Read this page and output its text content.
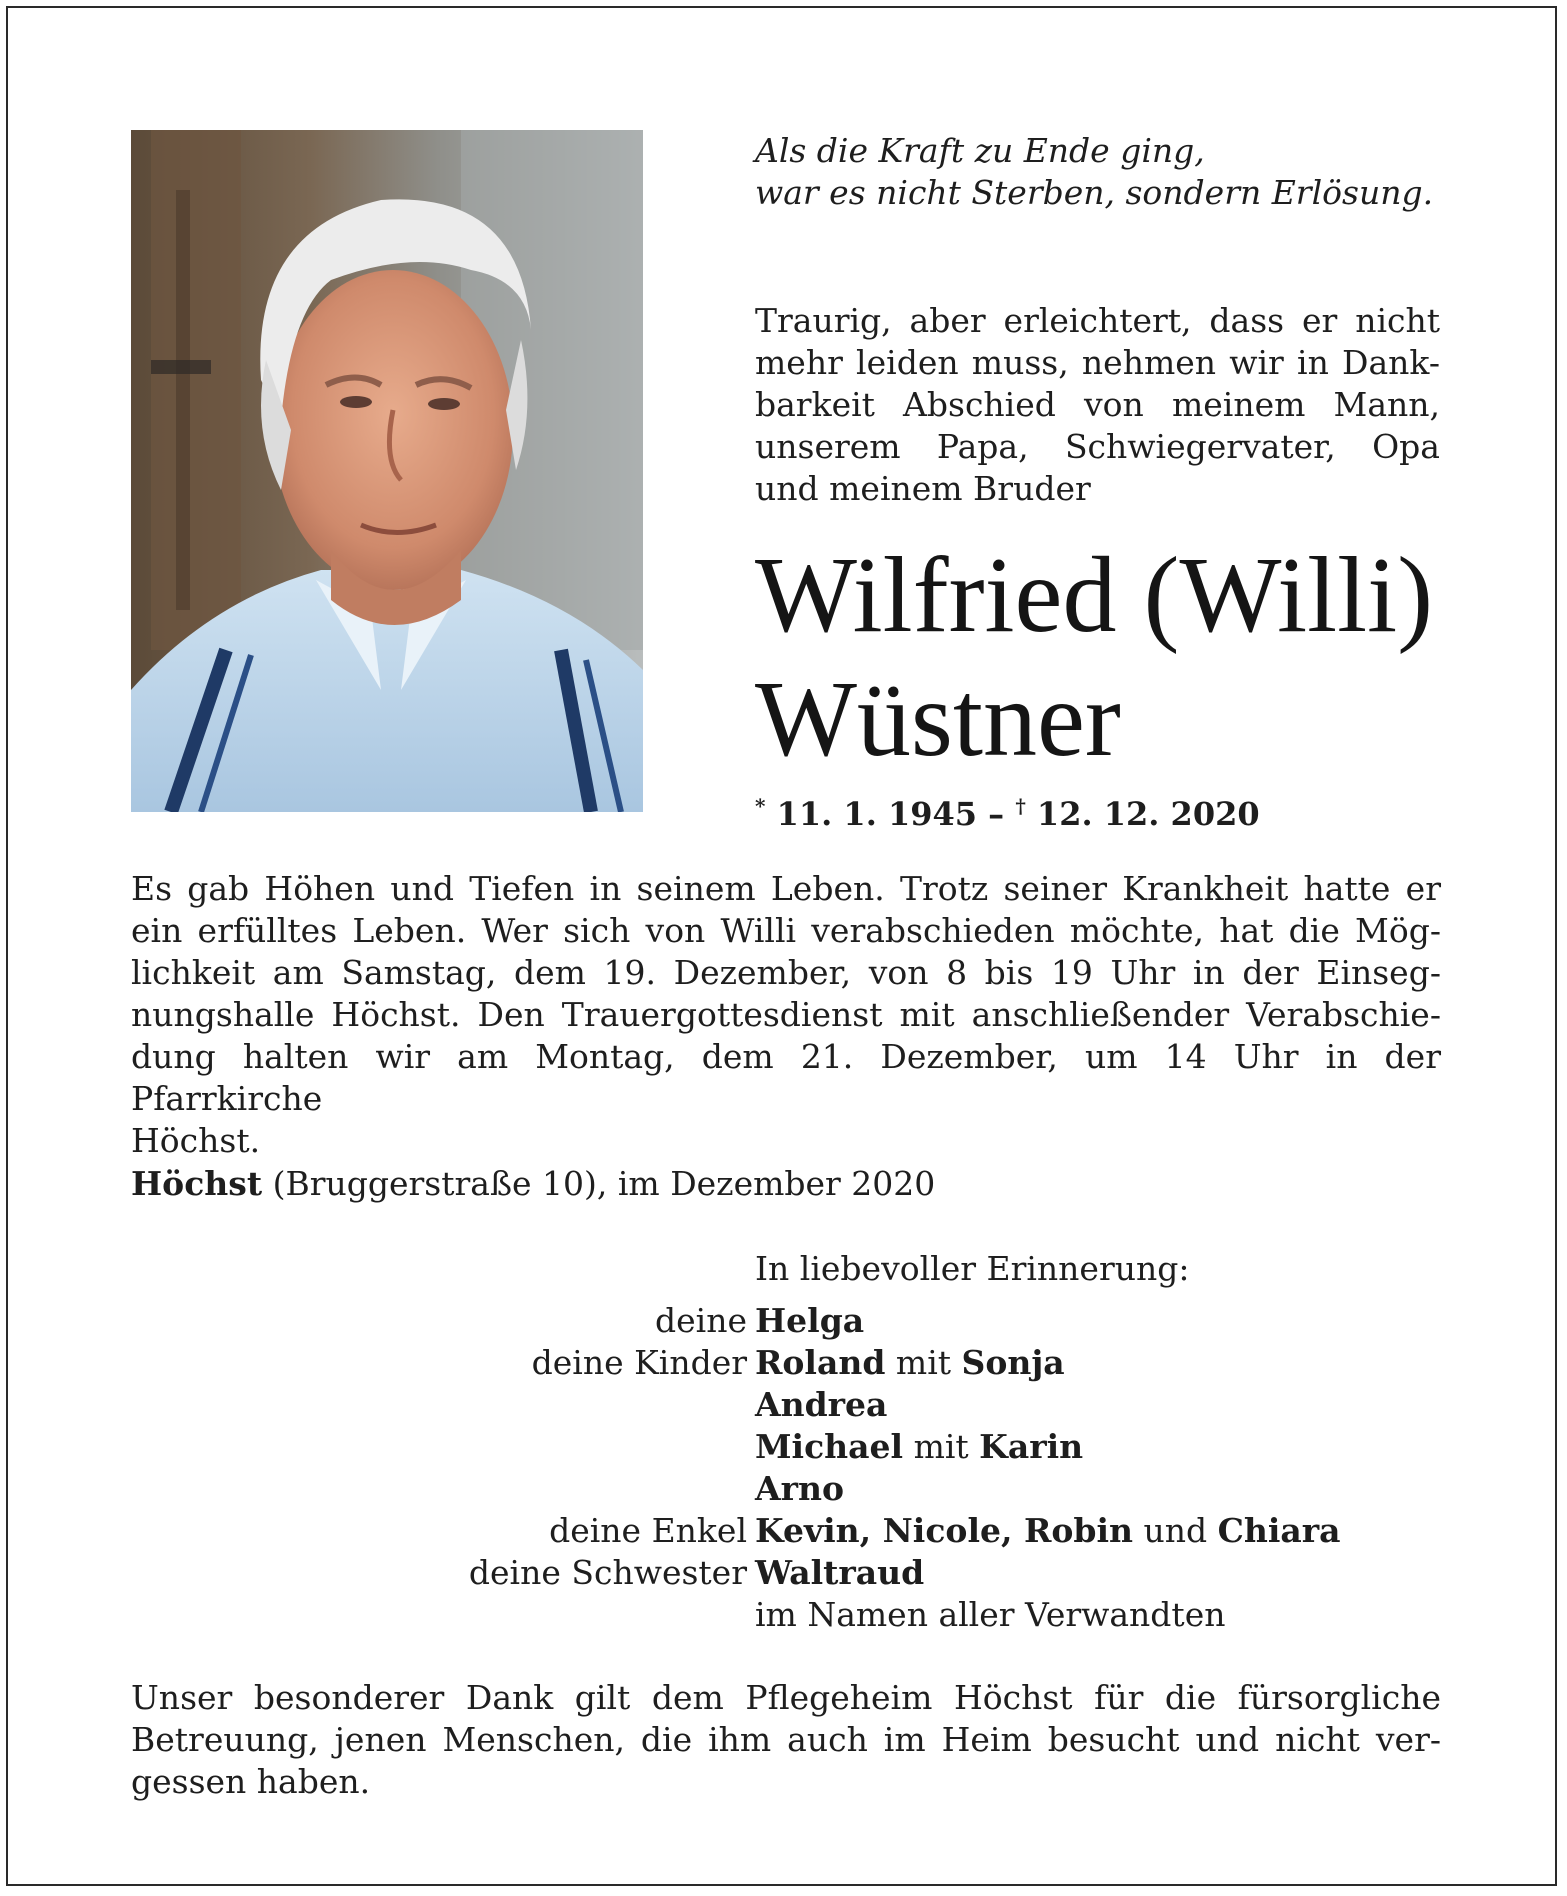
Als die Kraft zu Ende ging,
war es nicht Sterben, sondern Erlösung.
Traurig, aber erleichtert, dass er nicht
mehr leiden muss, nehmen wir in Dank-
barkeit Abschied von meinem Mann,
unserem Papa, Schwiegervater, Opa
und meinem Bruder
Wilfried (Willi)
Wüstner
* 11. 1. 1945 – † 12. 12. 2020
Es gab Höhen und Tiefen in seinem Leben. Trotz seiner Krankheit hatte er
ein erfülltes Leben. Wer sich von Willi verabschieden möchte, hat die Mög-
lichkeit am Samstag, dem 19. Dezember, von 8 bis 19 Uhr in der Einseg-
nungshalle Höchst. Den Trauergottesdienst mit anschließender Verabschie-
dung halten wir am Montag, dem 21. Dezember, um 14 Uhr in der Pfarrkirche
Höchst.
Höchst (Bruggerstraße 10), im Dezember 2020
In liebevoller Erinnerung:
deine Helga
deine Kinder Roland mit Sonja
Andrea
Michael mit Karin
Arno
deine Enkel Kevin, Nicole, Robin und Chiara
deine Schwester Waltraud
im Namen aller Verwandten
Unser besonderer Dank gilt dem Pflegeheim Höchst für die fürsorgliche
Betreuung, jenen Menschen, die ihm auch im Heim besucht und nicht ver-
gessen haben.
